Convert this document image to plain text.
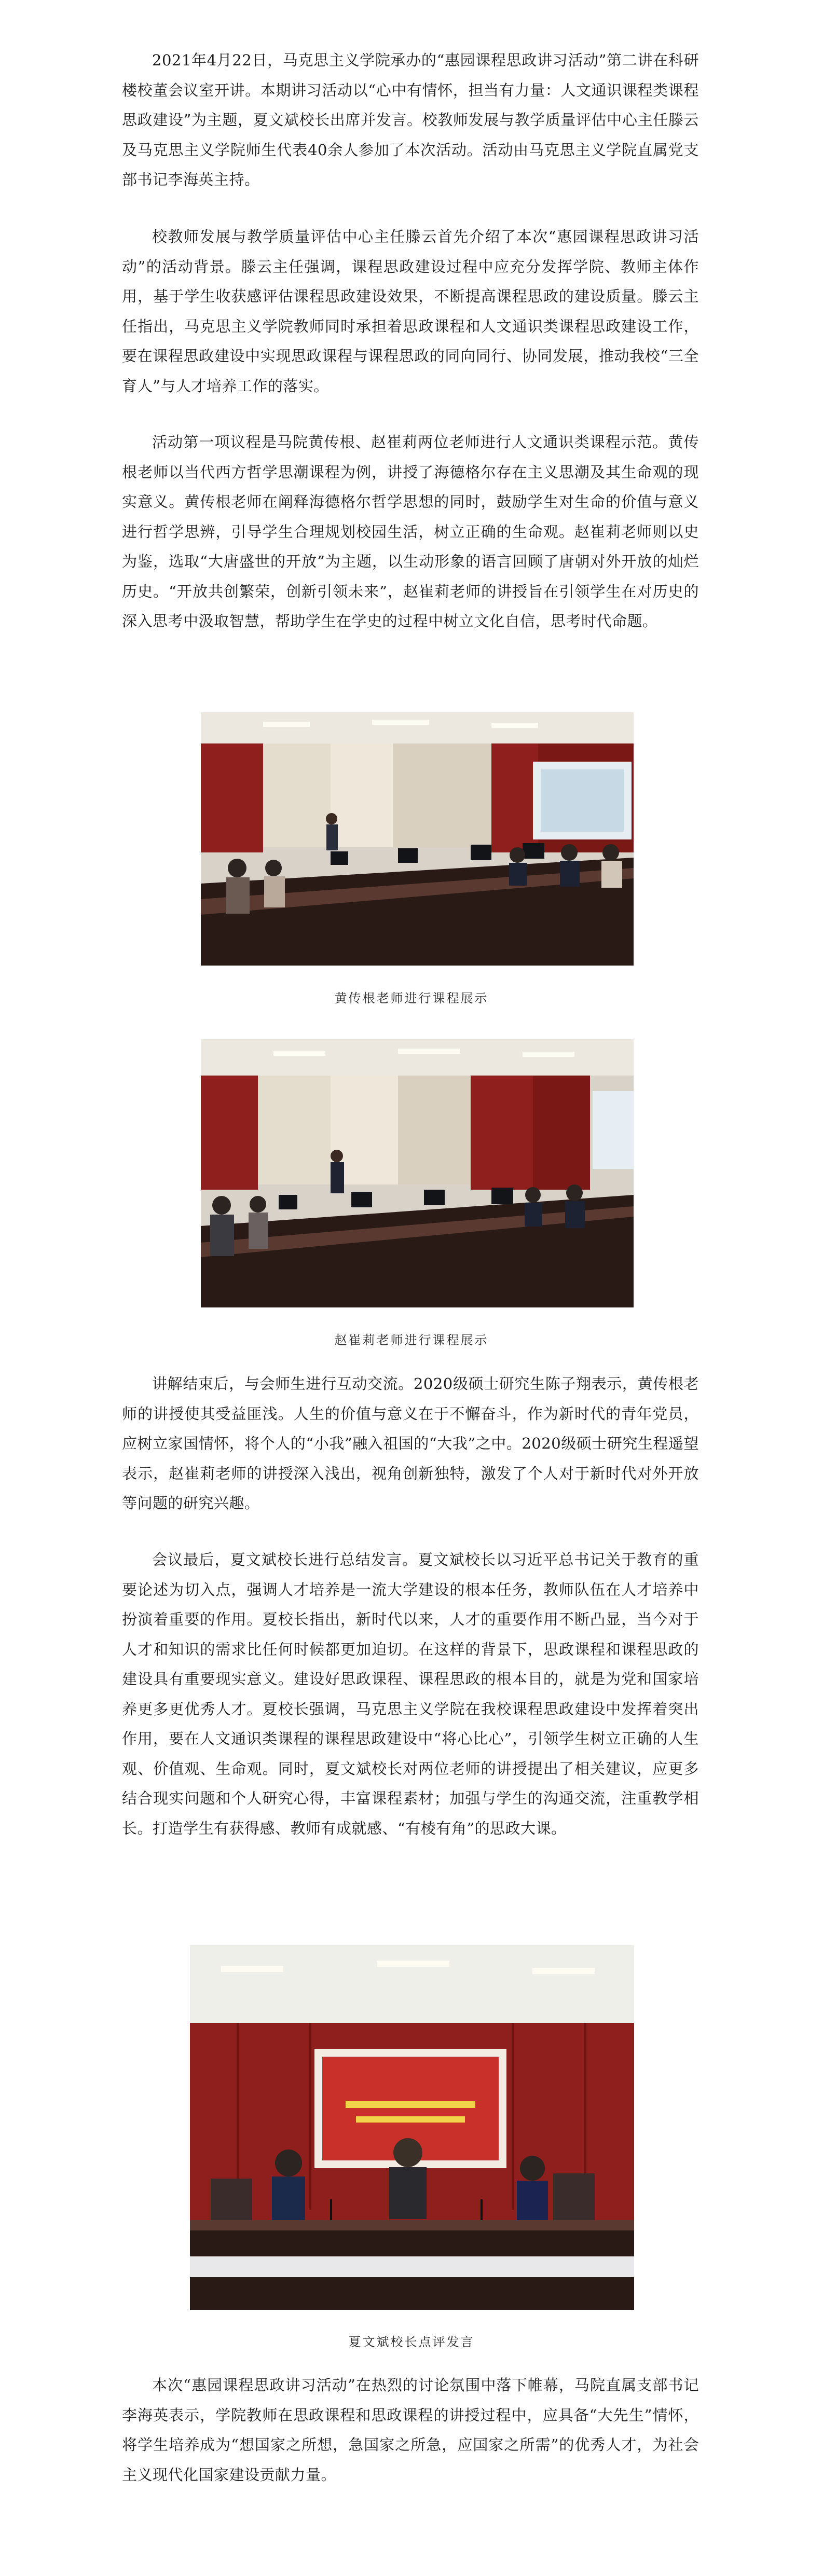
2021年4月22日，马克思主义学院承办的“惠园课程思政讲习活动”第二讲在科研楼校董会议室开讲。本期讲习活动以“心中有情怀，担当有力量：人文通识课程类课程思政建设”为主题，夏文斌校长出席并发言。校教师发展与教学质量评估中心主任滕云及马克思主义学院师生代表40余人参加了本次活动。活动由马克思主义学院直属党支部书记李海英主持。

校教师发展与教学质量评估中心主任滕云首先介绍了本次“惠园课程思政讲习活动”的活动背景。滕云主任强调，课程思政建设过程中应充分发挥学院、教师主体作用，基于学生收获感评估课程思政建设效果，不断提高课程思政的建设质量。滕云主任指出，马克思主义学院教师同时承担着思政课程和人文通识类课程思政建设工作，要在课程思政建设中实现思政课程与课程思政的同向同行、协同发展，推动我校“三全育人”与人才培养工作的落实。

活动第一项议程是马院黄传根、赵崔莉两位老师进行人文通识类课程示范。黄传根老师以当代西方哲学思潮课程为例，讲授了海德格尔存在主义思潮及其生命观的现实意义。黄传根老师在阐释海德格尔哲学思想的同时，鼓励学生对生命的价值与意义进行哲学思辨，引导学生合理规划校园生活，树立正确的生命观。赵崔莉老师则以史为鉴，选取“大唐盛世的开放”为主题，以生动形象的语言回顾了唐朝对外开放的灿烂历史。“开放共创繁荣，创新引领未来”，赵崔莉老师的讲授旨在引领学生在对历史的深入思考中汲取智慧，帮助学生在学史的过程中树立文化自信，思考时代命题。

黄传根老师进行课程展示

赵崔莉老师进行课程展示

讲解结束后，与会师生进行互动交流。2020级硕士研究生陈子翔表示，黄传根老师的讲授使其受益匪浅。人生的价值与意义在于不懈奋斗，作为新时代的青年党员，应树立家国情怀，将个人的“小我”融入祖国的“大我”之中。2020级硕士研究生程遥望表示，赵崔莉老师的讲授深入浅出，视角创新独特，激发了个人对于新时代对外开放等问题的研究兴趣。

会议最后，夏文斌校长进行总结发言。夏文斌校长以习近平总书记关于教育的重要论述为切入点，强调人才培养是一流大学建设的根本任务，教师队伍在人才培养中扮演着重要的作用。夏校长指出，新时代以来，人才的重要作用不断凸显，当今对于人才和知识的需求比任何时候都更加迫切。在这样的背景下，思政课程和课程思政的建设具有重要现实意义。建设好思政课程、课程思政的根本目的，就是为党和国家培养更多更优秀人才。夏校长强调，马克思主义学院在我校课程思政建设中发挥着突出作用，要在人文通识类课程的课程思政建设中“将心比心”，引领学生树立正确的人生观、价值观、生命观。同时，夏文斌校长对两位老师的讲授提出了相关建议，应更多结合现实问题和个人研究心得，丰富课程素材；加强与学生的沟通交流，注重教学相长。打造学生有获得感、教师有成就感、“有棱有角”的思政大课。

夏文斌校长点评发言

本次“惠园课程思政讲习活动”在热烈的讨论氛围中落下帷幕，马院直属支部书记李海英表示，学院教师在思政课程和思政课程的讲授过程中，应具备“大先生”情怀，将学生培养成为“想国家之所想，急国家之所急，应国家之所需”的优秀人才，为社会主义现代化国家建设贡献力量。
